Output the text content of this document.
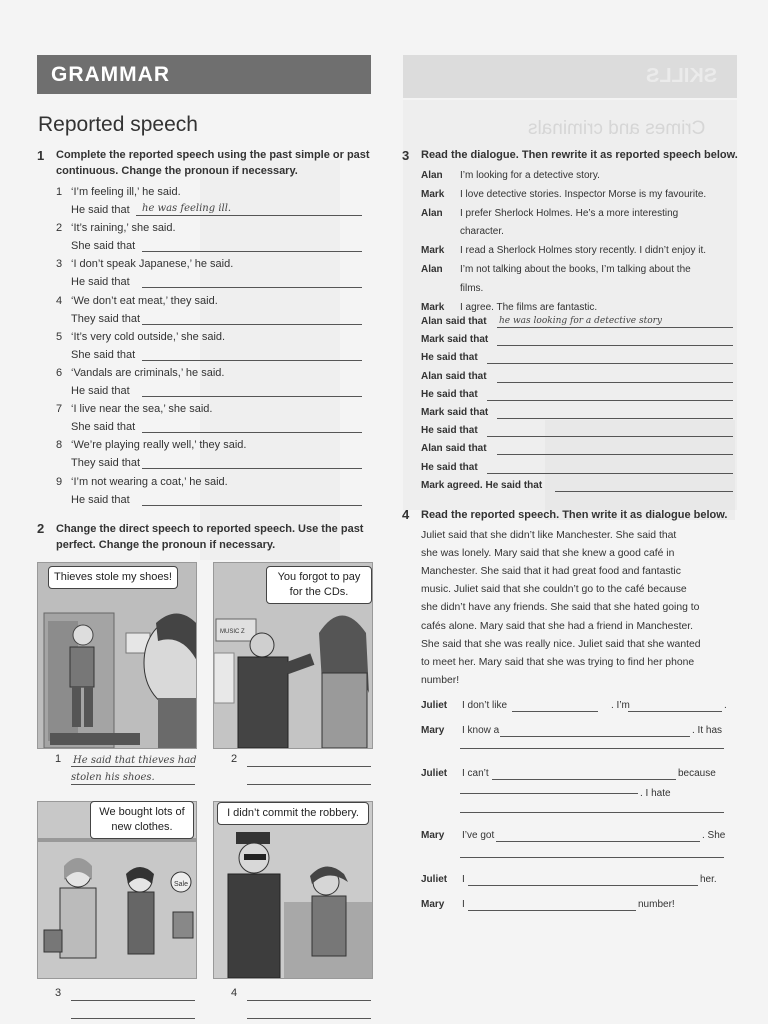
SKILLS
Crimes and criminals
GRAMMAR
Reported speech
1 Complete the reported speech using the past simple or past continuous. Change the pronoun if necessary.
1 ‘I’m feeling ill,’ he said.
He said that he was feeling ill.
2 ‘It’s raining,’ she said.
She said that
3 ‘I don’t speak Japanese,’ he said.
He said that
4 ‘We don’t eat meat,’ they said.
They said that
5 ‘It’s very cold outside,’ she said.
She said that
6 ‘Vandals are criminals,’ he said.
He said that
7 ‘I live near the sea,’ she said.
She said that
8 ‘We’re playing really well,’ they said.
They said that
9 ‘I’m not wearing a coat,’ he said.
He said that
2 Change the direct speech to reported speech. Use the past perfect. Change the pronoun if necessary.
Thieves stole my shoes!
MUSIC Z
You forgot to pay for the CDs.
Sale
We bought lots of new clothes.
I didn’t commit the robbery.
1 He said that thieves had
stolen his shoes.
2
3	4
3 Read the dialogue. Then rewrite it as reported speech below.
Alan I’m looking for a detective story.
Mark I love detective stories. Inspector Morse is my favourite.
Alan I prefer Sherlock Holmes. He’s a more interesting
character.
Mark I read a Sherlock Holmes story recently. I didn’t enjoy it.
Alan I’m not talking about the books, I’m talking about the
films.
Mark I agree. The films are fantastic.
Alan said that he was looking for a detective story
Mark said that
He said that
Alan said that
He said that
Mark said that
He said that
Alan said that
He said that
Mark agreed. He said that
4 Read the reported speech. Then write it as dialogue below.
Juliet said that she didn’t like Manchester. She said that
she was lonely. Mary said that she knew a good café in
Manchester. She said that it had great food and fantastic
music. Juliet said that she couldn’t go to the café because
she didn’t have any friends. She said that she hated going to
cafés alone. Mary said that she had a friend in Manchester.
She said that she was really nice. Juliet said that she wanted
to meet her. Mary said that she was trying to find her phone
number!
Juliet I don’t like	. I’m	.
Mary I know a	. It has
Juliet I can’t	because
. I hate
Mary I’ve got	. She
Juliet I	her.
Mary I	number!
